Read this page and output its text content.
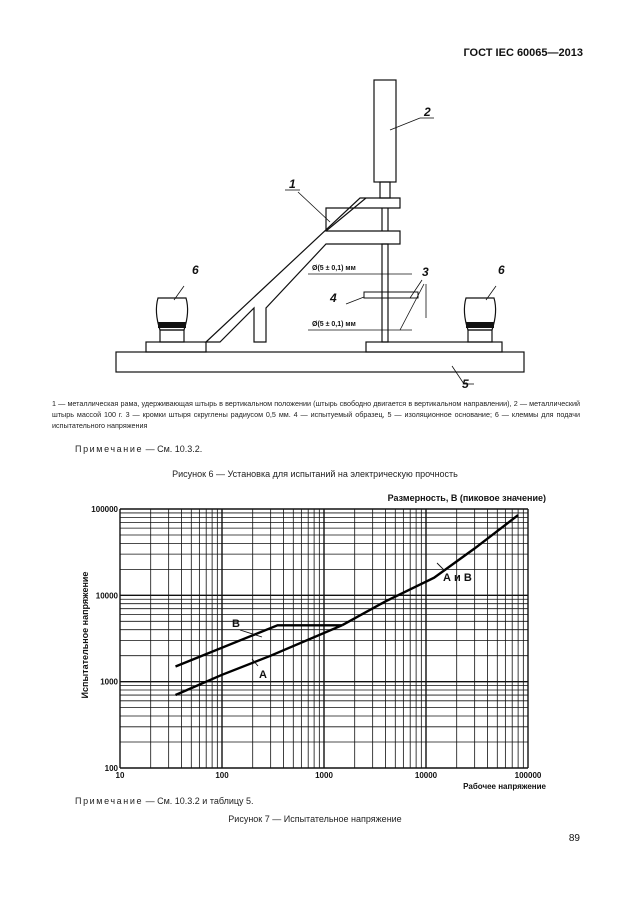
ГОСТ IEC 60065—2013
1
2
3
4
5
6	6
Ø(5 ± 0,1) мм
Ø(5 ± 0,1) мм
1 — металлическая рама, удерживающая штырь в вертикальном положении (штырь свободно двигается в вертикальном направлении), 2 — металлический штырь массой 100 г. 3 — кромки штыря скруглены радиусом 0,5 мм. 4 — испытуемый образец, 5 — изоляционное основание; 6 — клеммы для подачи испытательного напряжения
Примечание — См. 10.3.2.
Рисунок 6 — Установка для испытаний на электрическую прочность
Размерность, В (пиковое значение)
Испытательное напряжение
Рабочее напряжение
10	100	1000	10000	100000
100
1000
10000
100000
B
A
А и В
Примечание — См. 10.3.2 и таблицу 5.
Рисунок 7 — Испытательное напряжение
89
